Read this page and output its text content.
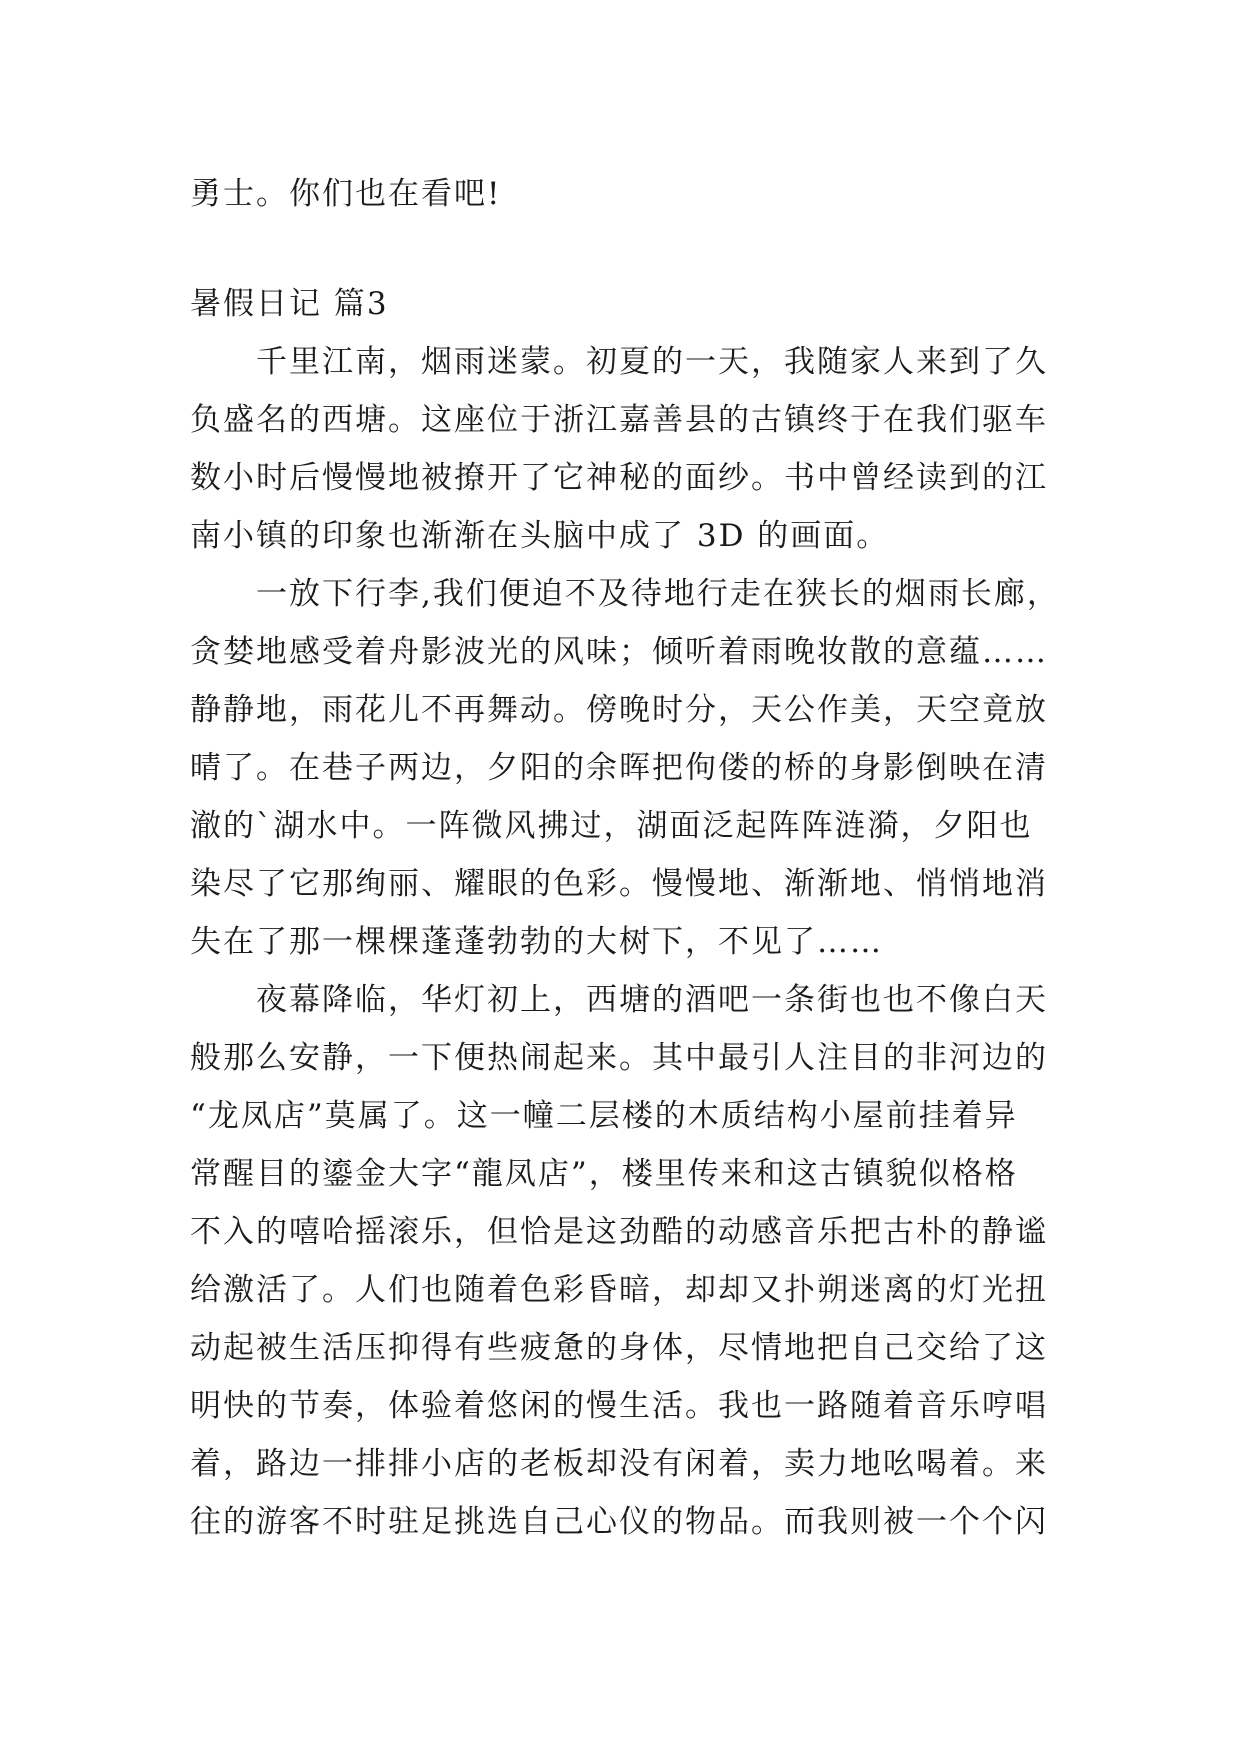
勇士。你们也在看吧!
暑假日记 篇3
　　千里江南，烟雨迷蒙。初夏的一天，我随家人来到了久
负盛名的西塘。这座位于浙江嘉善县的古镇终于在我们驱车
数小时后慢慢地被撩开了它神秘的面纱。书中曾经读到的江
南小镇的印象也渐渐在头脑中成了 3D 的画面。
　　一放下行李,我们便迫不及待地行走在狭长的烟雨长廊，
贪婪地感受着舟影波光的风味；倾听着雨晚妆散的意蕴……
静静地，雨花儿不再舞动。傍晚时分，天公作美，天空竟放
晴了。在巷子两边，夕阳的余晖把佝偻的桥的身影倒映在清
澈的`湖水中。一阵微风拂过，湖面泛起阵阵涟漪，夕阳也
染尽了它那绚丽、耀眼的色彩。慢慢地、渐渐地、悄悄地消
失在了那一棵棵蓬蓬勃勃的大树下，不见了……
　　夜幕降临，华灯初上，西塘的酒吧一条街也也不像白天
般那么安静，一下便热闹起来。其中最引人注目的非河边的
“龙凤店”莫属了。这一幢二层楼的木质结构小屋前挂着异
常醒目的鎏金大字“龍凤店”，楼里传来和这古镇貌似格格
不入的嘻哈摇滚乐，但恰是这劲酷的动感音乐把古朴的静谧
给激活了。人们也随着色彩昏暗，却却又扑朔迷离的灯光扭
动起被生活压抑得有些疲惫的身体，尽情地把自己交给了这
明快的节奏，体验着悠闲的慢生活。我也一路随着音乐哼唱
着，路边一排排小店的老板却没有闲着，卖力地吆喝着。来
往的游客不时驻足挑选自己心仪的物品。而我则被一个个闪
